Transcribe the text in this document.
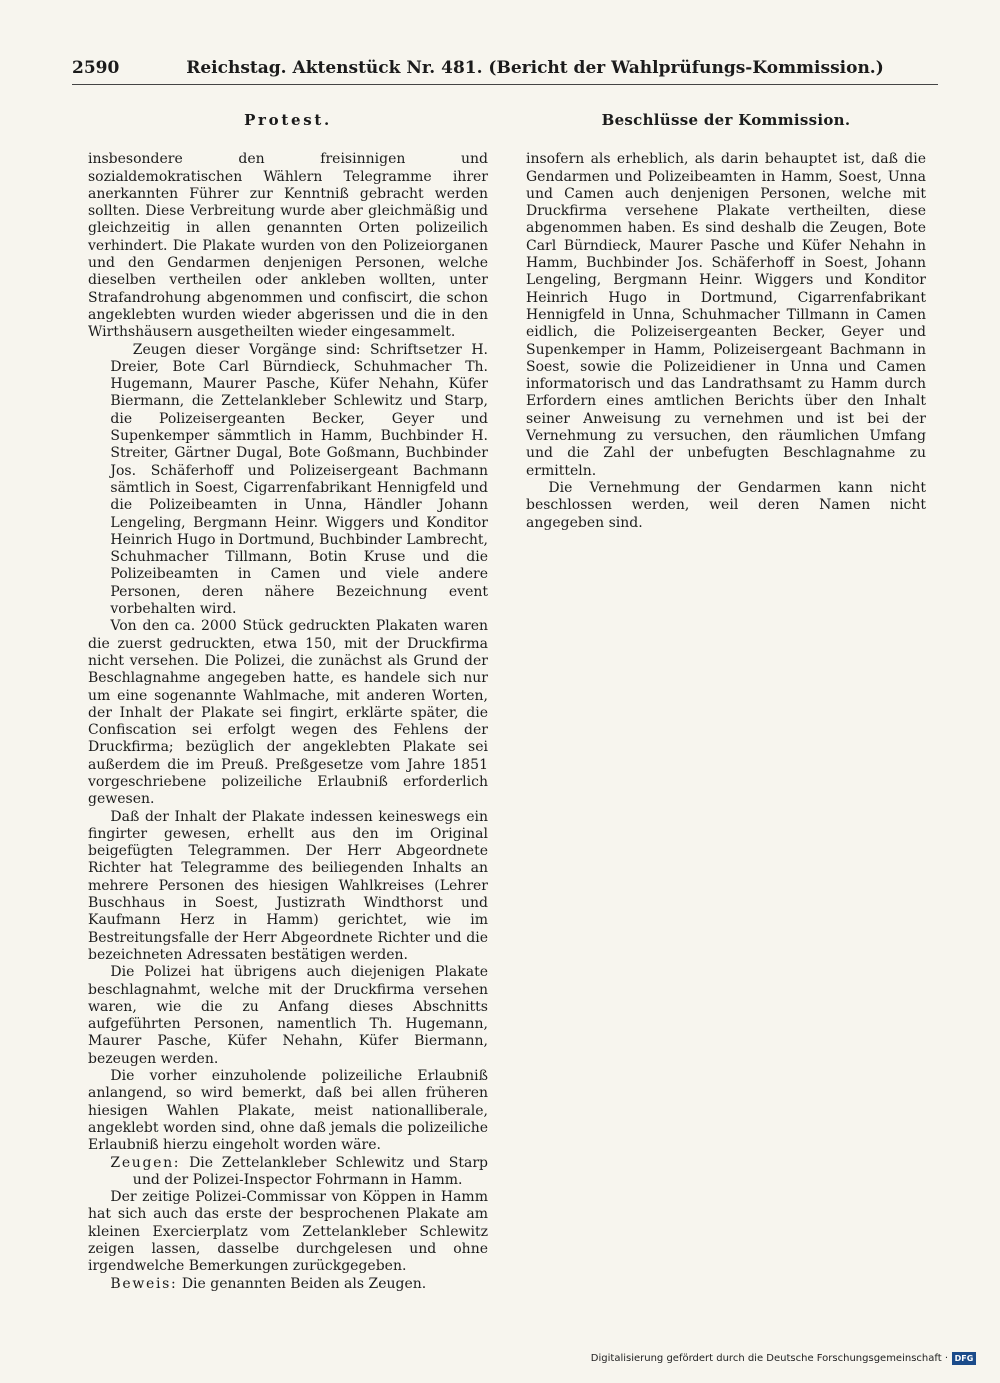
2590	Reichstag. Aktenstück Nr. 481. (Bericht der Wahlprüfungs-Kommission.)
Protest.

insbesondere den freisinnigen und sozialdemokratischen Wählern Telegramme ihrer anerkannten Führer zur Kenntniß gebracht werden sollten. Diese Verbreitung wurde aber gleichmäßig und gleichzeitig in allen genannten Orten polizeilich verhindert. Die Plakate wurden von den Polizeiorganen und den Gendarmen denjenigen Personen, welche dieselben vertheilen oder ankleben wollten, unter Strafandrohung abgenommen und confiscirt, die schon angeklebten wurden wieder abgerissen und die in den Wirthshäusern ausgetheilten wieder eingesammelt.

Zeugen dieser Vorgänge sind: Schriftsetzer H. Dreier, Bote Carl Bürndieck, Schuhmacher Th. Hugemann, Maurer Pasche, Küfer Nehahn, Küfer Biermann, die Zettelankleber Schlewitz und Starp, die Polizeisergeanten Becker, Geyer und Supenkemper sämmtlich in Hamm, Buchbinder H. Streiter, Gärtner Dugal, Bote Goßmann, Buchbinder Jos. Schäferhoff und Polizeisergeant Bachmann sämtlich in Soest, Cigarrenfabrikant Hennigfeld und die Polizeibeamten in Unna, Händler Johann Lengeling, Bergmann Heinr. Wiggers und Konditor Heinrich Hugo in Dortmund, Buchbinder Lambrecht, Schuhmacher Tillmann, Botin Kruse und die Polizeibeamten in Camen und viele andere Personen, deren nähere Bezeichnung event vorbehalten wird.

Von den ca. 2000 Stück gedruckten Plakaten waren die zuerst gedruckten, etwa 150, mit der Druckfirma nicht versehen. Die Polizei, die zunächst als Grund der Beschlagnahme angegeben hatte, es handele sich nur um eine sogenannte Wahlmache, mit anderen Worten, der Inhalt der Plakate sei fingirt, erklärte später, die Confiscation sei erfolgt wegen des Fehlens der Druckfirma; bezüglich der angeklebten Plakate sei außerdem die im Preuß. Preßgesetze vom Jahre 1851 vorgeschriebene polizeiliche Erlaubniß erforderlich gewesen.

Daß der Inhalt der Plakate indessen keineswegs ein fingirter gewesen, erhellt aus den im Original beigefügten Telegrammen. Der Herr Abgeordnete Richter hat Telegramme des beiliegenden Inhalts an mehrere Personen des hiesigen Wahlkreises (Lehrer Buschhaus in Soest, Justizrath Windthorst und Kaufmann Herz in Hamm) gerichtet, wie im Bestreitungsfalle der Herr Abgeordnete Richter und die bezeichneten Adressaten bestätigen werden.

Die Polizei hat übrigens auch diejenigen Plakate beschlagnahmt, welche mit der Druckfirma versehen waren, wie die zu Anfang dieses Abschnitts aufgeführten Personen, namentlich Th. Hugemann, Maurer Pasche, Küfer Nehahn, Küfer Biermann, bezeugen werden.

Die vorher einzuholende polizeiliche Erlaubniß anlangend, so wird bemerkt, daß bei allen früheren hiesigen Wahlen Plakate, meist nationalliberale, angeklebt worden sind, ohne daß jemals die polizeiliche Erlaubniß hierzu eingeholt worden wäre.

Zeugen: Die Zettelankleber Schlewitz und Starp und der Polizei-Inspector Fohrmann in Hamm.

Der zeitige Polizei-Commissar von Köppen in Hamm hat sich auch das erste der besprochenen Plakate am kleinen Exercierplatz vom Zettelankleber Schlewitz zeigen lassen, dasselbe durchgelesen und ohne irgendwelche Bemerkungen zurückgegeben.

Beweis: Die genannten Beiden als Zeugen.

Beschlüsse der Kommission.

insofern als erheblich, als darin behauptet ist, daß die Gendarmen und Polizeibeamten in Hamm, Soest, Unna und Camen auch denjenigen Personen, welche mit Druckfirma versehene Plakate vertheilten, diese abgenommen haben. Es sind deshalb die Zeugen, Bote Carl Bürndieck, Maurer Pasche und Küfer Nehahn in Hamm, Buchbinder Jos. Schäferhoff in Soest, Johann Lengeling, Bergmann Heinr. Wiggers und Konditor Heinrich Hugo in Dortmund, Cigarrenfabrikant Hennigfeld in Unna, Schuhmacher Tillmann in Camen eidlich, die Polizeisergeanten Becker, Geyer und Supenkemper in Hamm, Polizeisergeant Bachmann in Soest, sowie die Polizeidiener in Unna und Camen informatorisch und das Landrathsamt zu Hamm durch Erfordern eines amtlichen Berichts über den Inhalt seiner Anweisung zu vernehmen und ist bei der Vernehmung zu versuchen, den räumlichen Umfang und die Zahl der unbefugten Beschlagnahme zu ermitteln.

Die Vernehmung der Gendarmen kann nicht beschlossen werden, weil deren Namen nicht angegeben sind.

Digitalisierung gefördert durch die Deutsche Forschungsgemeinschaft · DFG
